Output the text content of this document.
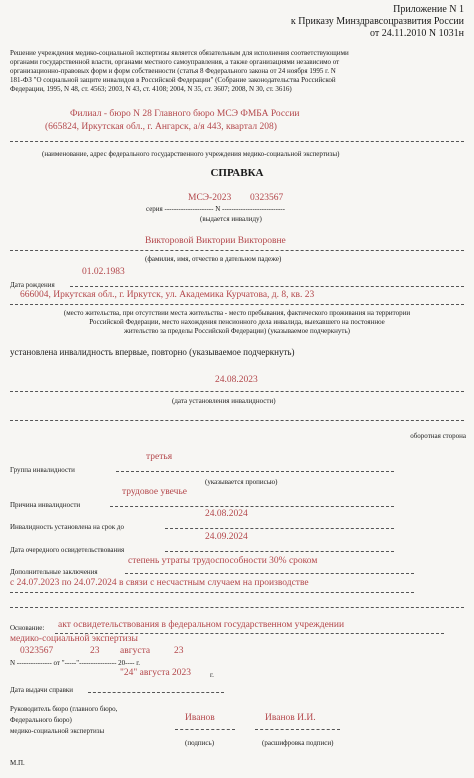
Приложение N 1
к Приказу Минздравсоцразвития России
от 24.11.2010 N 1031н
Решение учреждения медико-социальной экспертизы является обязательным для исполнения соответствующими
органами государственной власти, органами местного самоуправления, а также организациями независимо от
организационно-правовых форм и форм собственности (статья 8 Федерального закона от 24 ноября 1995 г. N
181-ФЗ "О социальной защите инвалидов в Российской Федерации" (Собрание законодательства Российской
Федерации, 1995, N 48, ст. 4563; 2003, N 43, ст. 4108; 2004, N 35, ст. 3607; 2008, N 30, ст. 3616)
Филиал - бюро N 28 Главного бюро МСЭ ФМБА России
(665824, Иркутская обл., г. Ангарск, а/я 443, квартал 208)
(наименование, адрес федерального государственного учреждения медико-социальной экспертизы)
СПРАВКА
МСЭ-2023 0323567
серия --------------------- N ---------------------------
(выдается инвалиду)
Викторовой Виктории Викторовне
(фамилия, имя, отчество в дательном падеже)
01.02.1983
Дата рождения
666004, Иркутская обл., г. Иркутск, ул. Академика Курчатова, д. 8, кв. 23
(место жительства, при отсутствии места жительства - место пребывания, фактического проживания на территории
Российской Федерации, место нахождения пенсионного дела инвалида, выехавшего на постоянное
жительство за пределы Российской Федерации) (указываемое подчеркнуть)
установлена инвалидность впервые, повторно (указываемое подчеркнуть)
24.08.2023
(дата установления инвалидности)
оборотная сторона
третья
Группа инвалидности
(указывается прописью)
трудовое увечье
Причина инвалидности
24.08.2024
Инвалидность установлена на срок до
24.09.2024
Дата очередного освидетельствования
степень утраты трудоспособности 30% сроком
Дополнительные заключения
с 24.07.2023 по 24.07.2024 в связи с несчастным случаем на производстве
Основание: акт освидетельствования в федеральном государственном учреждении
медико-социальной экспертизы
0323567	23 августа	23
N --------------- от "-----"---------------- 20---- г.
"24" августа 2023	г.
Дата выдачи справки
Руководитель бюро (главного бюро,
Федерального бюро)
медико-социальной экспертизы
Иванов	Иванов И.И.
(подпись)	(расшифровка подписи)
М.П.
